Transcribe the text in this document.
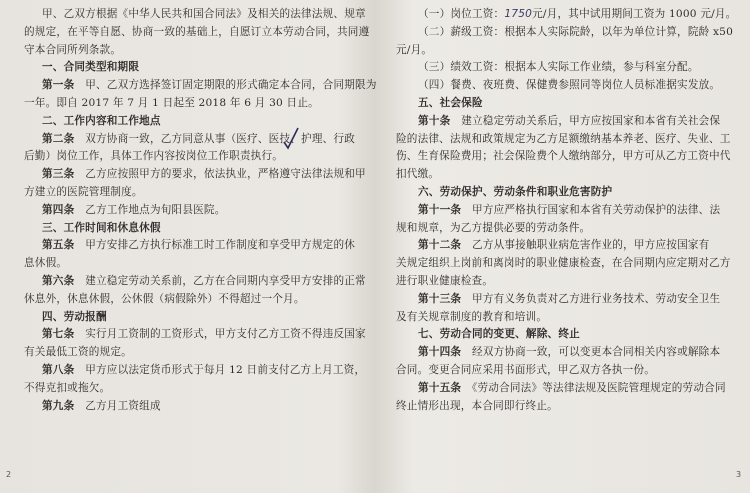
甲、乙双方根据《中华人民共和国合同法》及相关的法律法规、规章
的规定，在平等自愿、协商一致的基础上，自愿订立本劳动合同，共同遵
守本合同所列条款。
一、合同类型和期限
第一条　 甲、乙双方选择签订固定期限的形式确定本合同，合同期限为
一年。即自 2017 年 7 月 1 日起至 2018 年 6 月 30 日止。
二、工作内容和工作地点
第二条　 双方协商一致，乙方同意从事（医疗、医技、护理、行政
后勤）岗位工作，具体工作内容按岗位工作职责执行。
第三条　 乙方应按照甲方的要求，依法执业，严格遵守法律法规和甲
方建立的医院管理制度。
第四条　 乙方工作地点为旬阳县医院。
三、工作时间和休息休假
第五条　 甲方安排乙方执行标准工时工作制度和享受甲方规定的休
息休假。
第六条　 建立稳定劳动关系前，乙方在合同期内享受甲方安排的正常
休息外，休息休假，公休假（病假除外）不得超过一个月。
四、劳动报酬
第七条　 实行月工资制的工资形式，甲方支付乙方工资不得违反国家
有关最低工资的规定。
第八条　 甲方应以法定货币形式于每月 12 日前支付乙方上月工资，
不得克扣或拖欠。
第九条　 乙方月工资组成
2
（一）岗位工资：1750元/月，其中试用期间工资为 1000 元/月。
（二）薪级工资：根据本人实际院龄，以年为单位计算，院龄 x50
元/月。
（三）绩效工资：根据本人实际工作业绩，参与科室分配。
（四）餐费、夜班费、保健费参照同等岗位人员标准据实发放。
五、社会保险
第十条　 建立稳定劳动关系后，甲方应按国家和本省有关社会保
险的法律、法规和政策规定为乙方足额缴纳基本养老、医疗、失业、工
伤、生育保险费用；社会保险费个人缴纳部分，甲方可从乙方工资中代
扣代缴。
六、劳动保护、劳动条件和职业危害防护
第十一条　 甲方应严格执行国家和本省有关劳动保护的法律、法
规和规章，为乙方提供必要的劳动条件。
第十二条　 乙方从事接触职业病危害作业的，甲方应按国家有
关规定组织上岗前和离岗时的职业健康检查，在合同期内应定期对乙方
进行职业健康检查。
第十三条　 甲方有义务负责对乙方进行业务技术、劳动安全卫生
及有关规章制度的教育和培训。
七、劳动合同的变更、解除、终止
第十四条　 经双方协商一致，可以变更本合同相关内容或解除本
合同。变更合同应采用书面形式，甲乙双方各执一份。
第十五条　 《劳动合同法》等法律法规及医院管理规定的劳动合同
终止情形出现，本合同即行终止。
3
